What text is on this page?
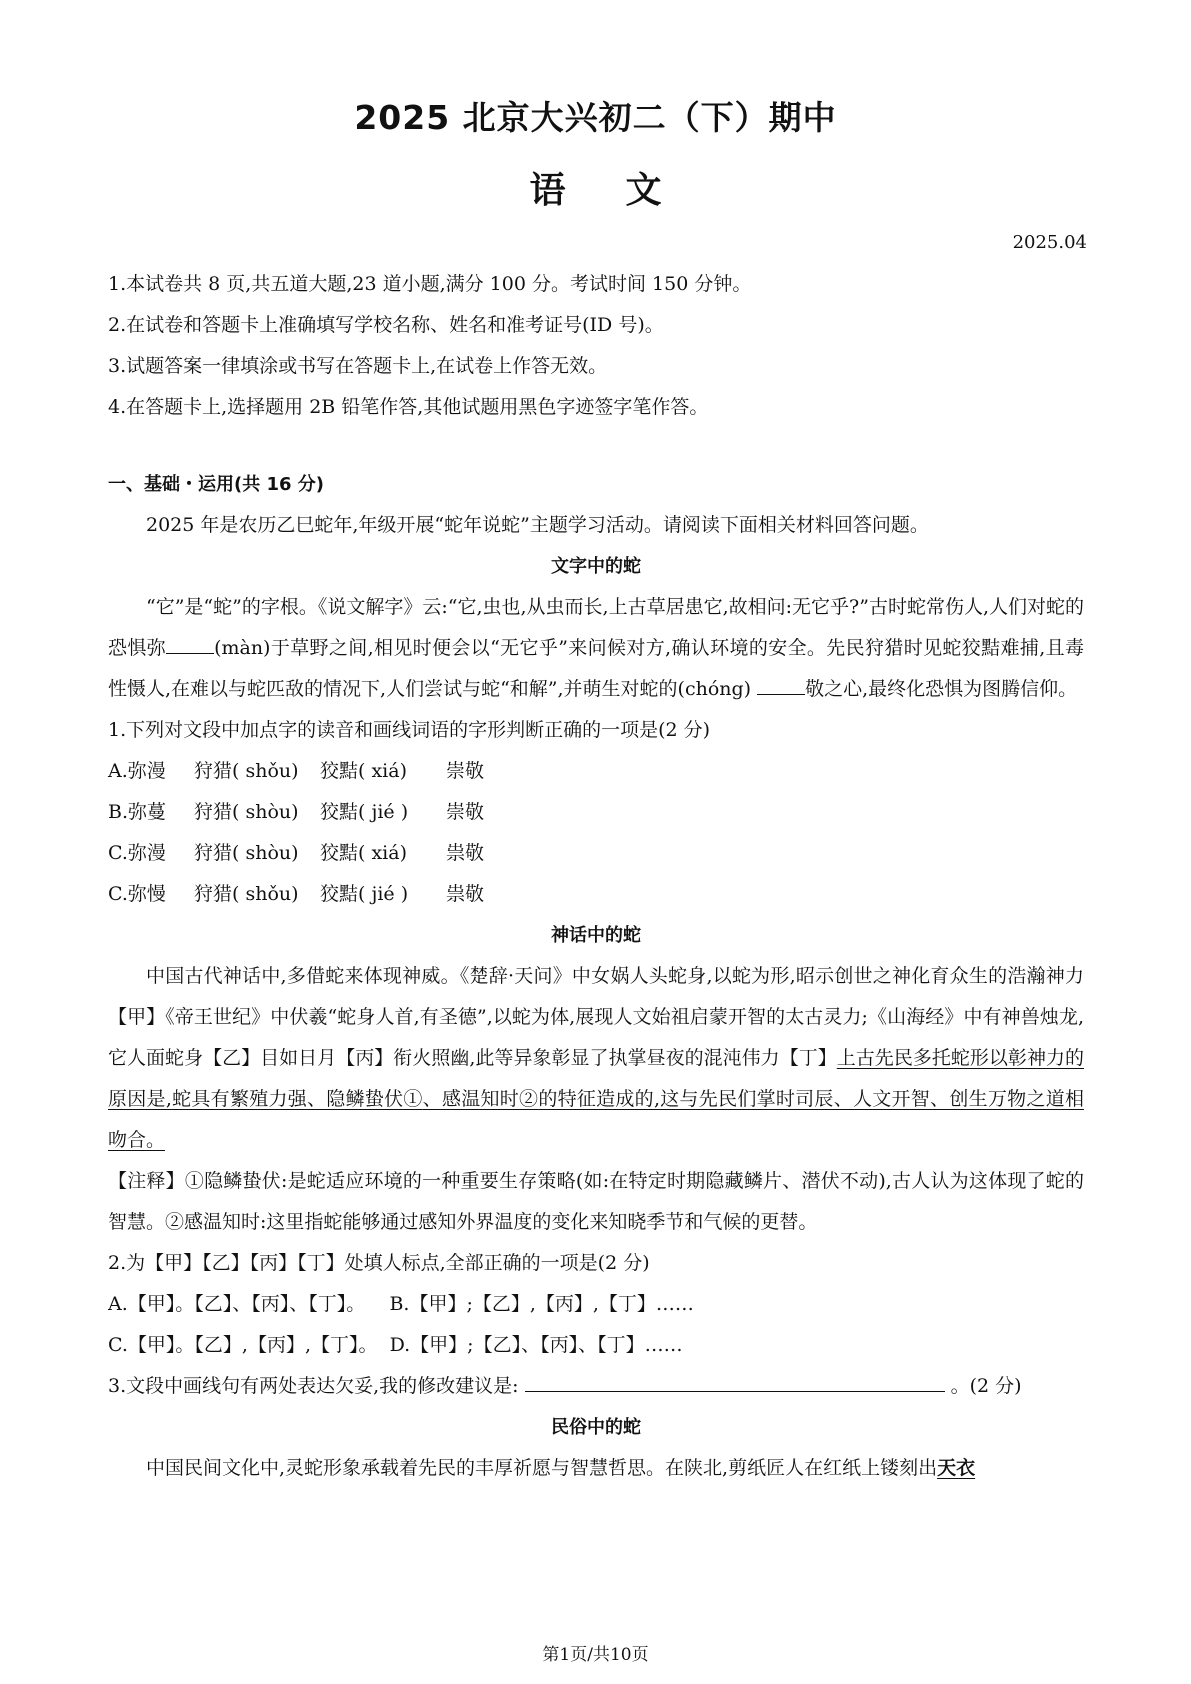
2025 北京大兴初二（下）期中
语文
2025.04

1.本试卷共 8 页,共五道大题,23 道小题,满分 100 分。考试时间 150 分钟。

2.在试卷和答题卡上准确填写学校名称、姓名和准考证号(ID 号)。

3.试题答案一律填涂或书写在答题卡上,在试卷上作答无效。

4.在答题卡上,选择题用 2B 铅笔作答,其他试题用黑色字迹签字笔作答。

一、基础・运用(共 16 分)

2025 年是农历乙巳蛇年,年级开展“蛇年说蛇”主题学习活动。请阅读下面相关材料回答问题。

文字中的蛇

“它”是“蛇”的字根。《说文解字》云:“它,虫也,从虫而长,上古草居患它,故相问:无它乎?”古时蛇常伤人,人们对蛇的恐惧弥	(màn)于草野之间,相见时便会以“无它乎”来问候对方,确认环境的安全。先民狩 ·猎时见蛇狡黠 ·难捕,且毒性慑人,在难以与蛇匹敌的情况下,人们尝试与蛇“和解”,并萌生对蛇的(chóng)	敬之心,最终化恐惧为图腾信仰。

1.下列对文段中加点字的读音和画线词语的字形判断正确的一项是(2 分)

A.弥漫	狩猎( shǒu)	狡黠( xiá)	崇敬
B.弥蔓	狩猎( shòu)	狡黠( jié )	崇敬
C.弥漫	狩猎( shòu)	狡黠( xiá)	祟敬
C.弥慢	狩猎( shǒu)	狡黠( jié )	祟敬

神话中的蛇

中国古代神话中,多借蛇来体现神威。《楚辞·天问》中女娲人头蛇身,以蛇为形,昭示创世之神化育众生的浩瀚神力【甲】《帝王世纪》中伏羲“蛇身人首,有圣德”,以蛇为体,展现人文始祖启蒙开智的太古灵力;《山海经》中有神兽烛龙,它人面蛇身【乙】目如日月【丙】衔火照幽,此等异象彰显了执掌昼夜的混沌伟力【丁】上古先民多托蛇形以彰神力的原因是,蛇具有繁殖力强、隐鳞蛰伏①、感温知时②的特征造成的,这与先民们掌时司辰、人文开智、创生万物之道相吻合。

【注释】①隐鳞蛰伏:是蛇适应环境的一种重要生存策略(如:在特定时期隐藏鳞片、潜伏不动),古人认为这体现了蛇的智慧。②感温知时:这里指蛇能够通过感知外界温度的变化来知晓季节和气候的更替。

2.为【甲】【乙】【丙】【丁】处填人标点,全部正确的一项是(2 分)

A.【甲】。【乙】、【丙】、【丁】。 B.【甲】;【乙】,【丙】,【丁】……

C.【甲】。【乙】,【丙】,【丁】。 D.【甲】;【乙】、【丙】、【丁】……

3.文段中画线句有两处表达欠妥,我的修改建议是:	。(2 分)

民俗中的蛇

中国民间文化中,灵蛇形象承载着先民的丰厚祈愿与智慧哲思。在陕北,剪纸匠人在红纸上镂刻出天衣

第1页/共10页
